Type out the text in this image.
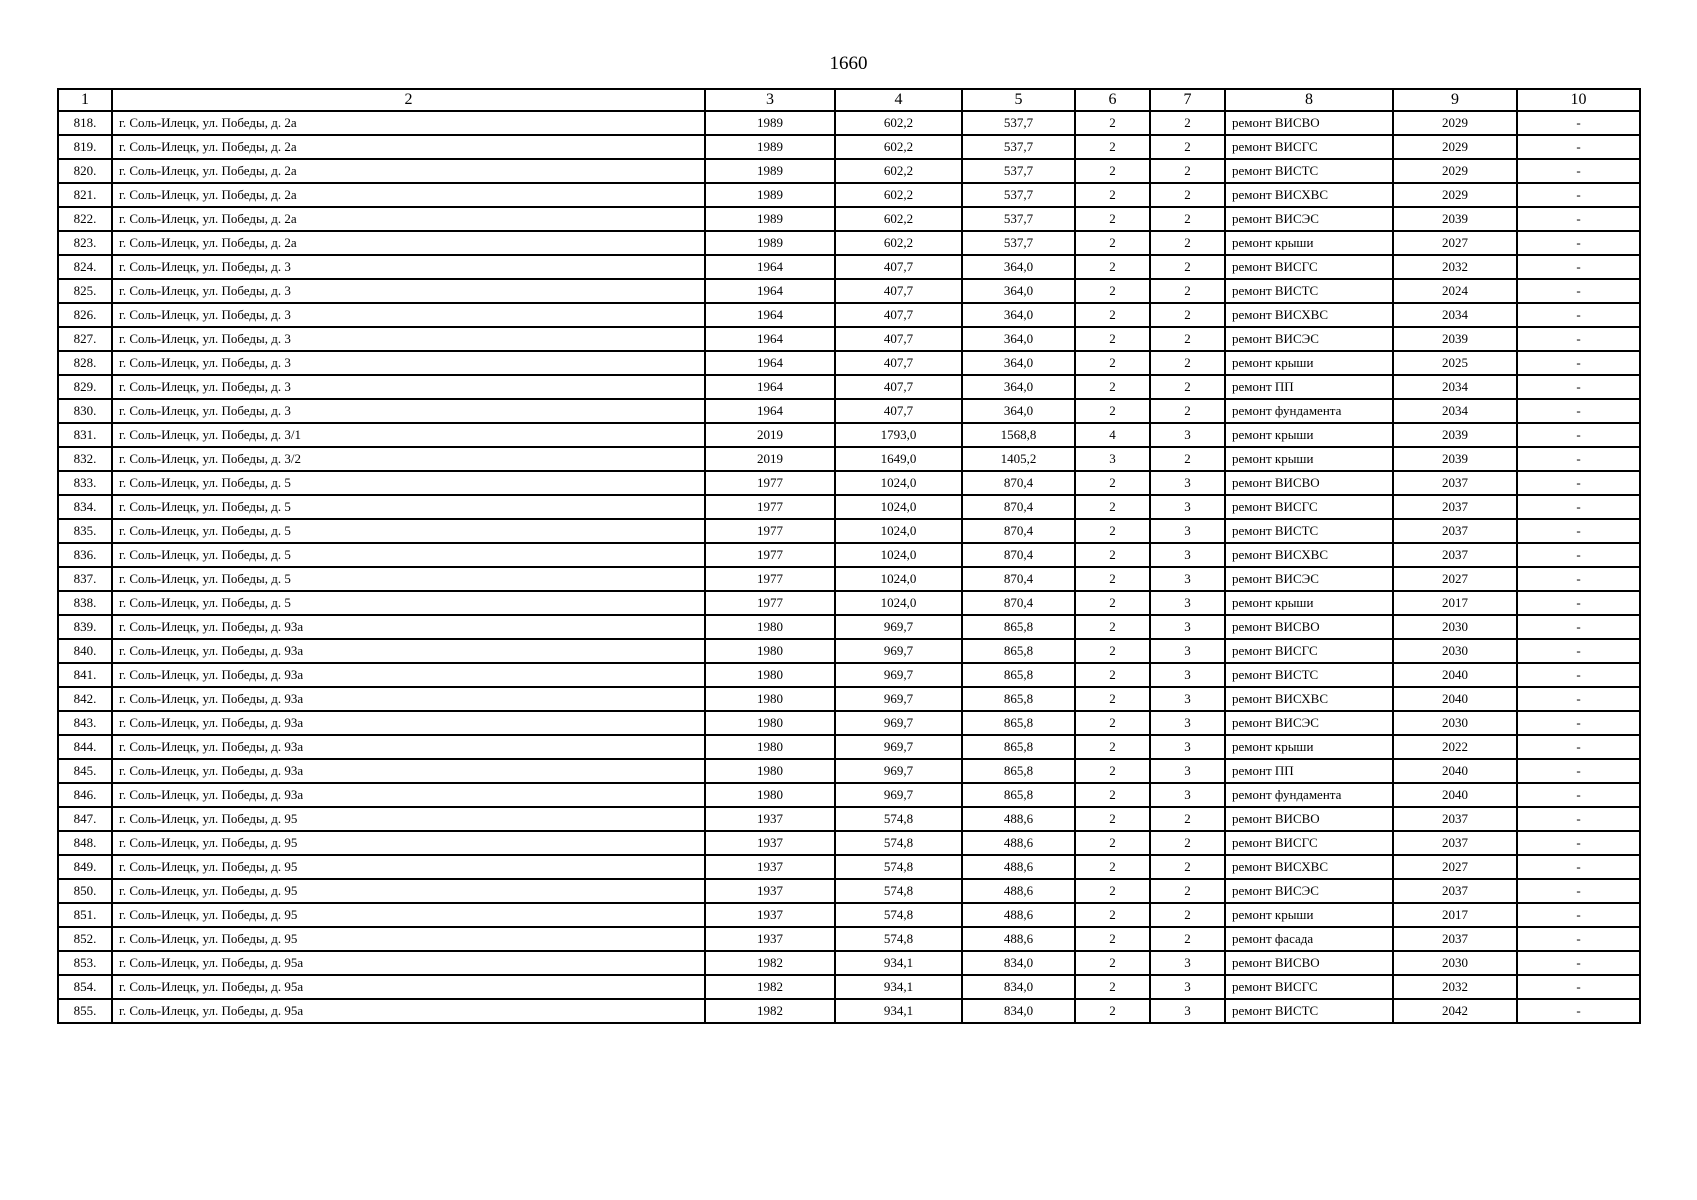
1660
1	2	3	4	5	6	7	8	9	10
818.	г. Соль-Илецк, ул. Победы, д. 2а	1989	602,2	537,7	2	2	ремонт ВИСВО	2029	-
819.	г. Соль-Илецк, ул. Победы, д. 2а	1989	602,2	537,7	2	2	ремонт ВИСГС	2029	-
820.	г. Соль-Илецк, ул. Победы, д. 2а	1989	602,2	537,7	2	2	ремонт ВИСТС	2029	-
821.	г. Соль-Илецк, ул. Победы, д. 2а	1989	602,2	537,7	2	2	ремонт ВИСХВС	2029	-
822.	г. Соль-Илецк, ул. Победы, д. 2а	1989	602,2	537,7	2	2	ремонт ВИСЭС	2039	-
823.	г. Соль-Илецк, ул. Победы, д. 2а	1989	602,2	537,7	2	2	ремонт крыши	2027	-
824.	г. Соль-Илецк, ул. Победы, д. 3	1964	407,7	364,0	2	2	ремонт ВИСГС	2032	-
825.	г. Соль-Илецк, ул. Победы, д. 3	1964	407,7	364,0	2	2	ремонт ВИСТС	2024	-
826.	г. Соль-Илецк, ул. Победы, д. 3	1964	407,7	364,0	2	2	ремонт ВИСХВС	2034	-
827.	г. Соль-Илецк, ул. Победы, д. 3	1964	407,7	364,0	2	2	ремонт ВИСЭС	2039	-
828.	г. Соль-Илецк, ул. Победы, д. 3	1964	407,7	364,0	2	2	ремонт крыши	2025	-
829.	г. Соль-Илецк, ул. Победы, д. 3	1964	407,7	364,0	2	2	ремонт ПП	2034	-
830.	г. Соль-Илецк, ул. Победы, д. 3	1964	407,7	364,0	2	2	ремонт фундамента	2034	-
831.	г. Соль-Илецк, ул. Победы, д. 3/1	2019	1793,0	1568,8	4	3	ремонт крыши	2039	-
832.	г. Соль-Илецк, ул. Победы, д. 3/2	2019	1649,0	1405,2	3	2	ремонт крыши	2039	-
833.	г. Соль-Илецк, ул. Победы, д. 5	1977	1024,0	870,4	2	3	ремонт ВИСВО	2037	-
834.	г. Соль-Илецк, ул. Победы, д. 5	1977	1024,0	870,4	2	3	ремонт ВИСГС	2037	-
835.	г. Соль-Илецк, ул. Победы, д. 5	1977	1024,0	870,4	2	3	ремонт ВИСТС	2037	-
836.	г. Соль-Илецк, ул. Победы, д. 5	1977	1024,0	870,4	2	3	ремонт ВИСХВС	2037	-
837.	г. Соль-Илецк, ул. Победы, д. 5	1977	1024,0	870,4	2	3	ремонт ВИСЭС	2027	-
838.	г. Соль-Илецк, ул. Победы, д. 5	1977	1024,0	870,4	2	3	ремонт крыши	2017	-
839.	г. Соль-Илецк, ул. Победы, д. 93а	1980	969,7	865,8	2	3	ремонт ВИСВО	2030	-
840.	г. Соль-Илецк, ул. Победы, д. 93а	1980	969,7	865,8	2	3	ремонт ВИСГС	2030	-
841.	г. Соль-Илецк, ул. Победы, д. 93а	1980	969,7	865,8	2	3	ремонт ВИСТС	2040	-
842.	г. Соль-Илецк, ул. Победы, д. 93а	1980	969,7	865,8	2	3	ремонт ВИСХВС	2040	-
843.	г. Соль-Илецк, ул. Победы, д. 93а	1980	969,7	865,8	2	3	ремонт ВИСЭС	2030	-
844.	г. Соль-Илецк, ул. Победы, д. 93а	1980	969,7	865,8	2	3	ремонт крыши	2022	-
845.	г. Соль-Илецк, ул. Победы, д. 93а	1980	969,7	865,8	2	3	ремонт ПП	2040	-
846.	г. Соль-Илецк, ул. Победы, д. 93а	1980	969,7	865,8	2	3	ремонт фундамента	2040	-
847.	г. Соль-Илецк, ул. Победы, д. 95	1937	574,8	488,6	2	2	ремонт ВИСВО	2037	-
848.	г. Соль-Илецк, ул. Победы, д. 95	1937	574,8	488,6	2	2	ремонт ВИСГС	2037	-
849.	г. Соль-Илецк, ул. Победы, д. 95	1937	574,8	488,6	2	2	ремонт ВИСХВС	2027	-
850.	г. Соль-Илецк, ул. Победы, д. 95	1937	574,8	488,6	2	2	ремонт ВИСЭС	2037	-
851.	г. Соль-Илецк, ул. Победы, д. 95	1937	574,8	488,6	2	2	ремонт крыши	2017	-
852.	г. Соль-Илецк, ул. Победы, д. 95	1937	574,8	488,6	2	2	ремонт фасада	2037	-
853.	г. Соль-Илецк, ул. Победы, д. 95а	1982	934,1	834,0	2	3	ремонт ВИСВО	2030	-
854.	г. Соль-Илецк, ул. Победы, д. 95а	1982	934,1	834,0	2	3	ремонт ВИСГС	2032	-
855.	г. Соль-Илецк, ул. Победы, д. 95а	1982	934,1	834,0	2	3	ремонт ВИСТС	2042	-
